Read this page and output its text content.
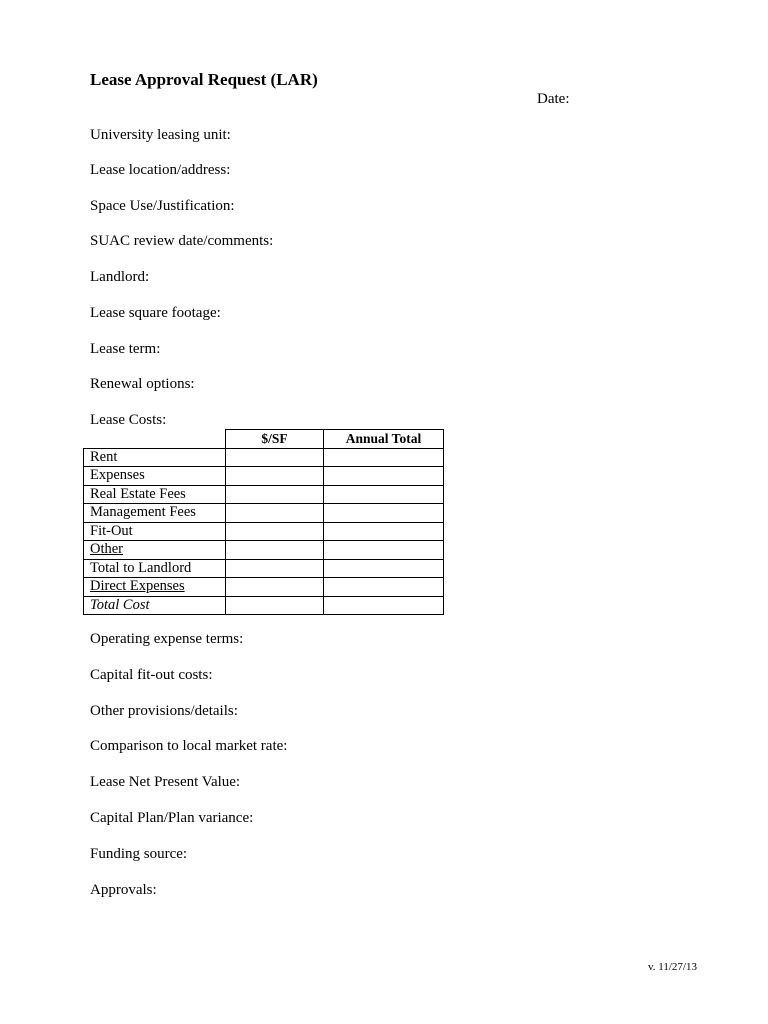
Lease Approval Request (LAR)
Date:
University leasing unit:
Lease location/address:
Space Use/Justification:
SUAC review date/comments:
Landlord:
Lease square footage:
Lease term:
Renewal options:
Lease Costs:
	$/SF	Annual Total
Rent		
Expenses		
Real Estate Fees		
Management Fees		
Fit-Out		
Other		
Total to Landlord		
Direct Expenses		
Total Cost		
Operating expense terms:
Capital fit-out costs:
Other provisions/details:
Comparison to local market rate:
Lease Net Present Value:
Capital Plan/Plan variance:
Funding source:
Approvals:
v. 11/27/13
